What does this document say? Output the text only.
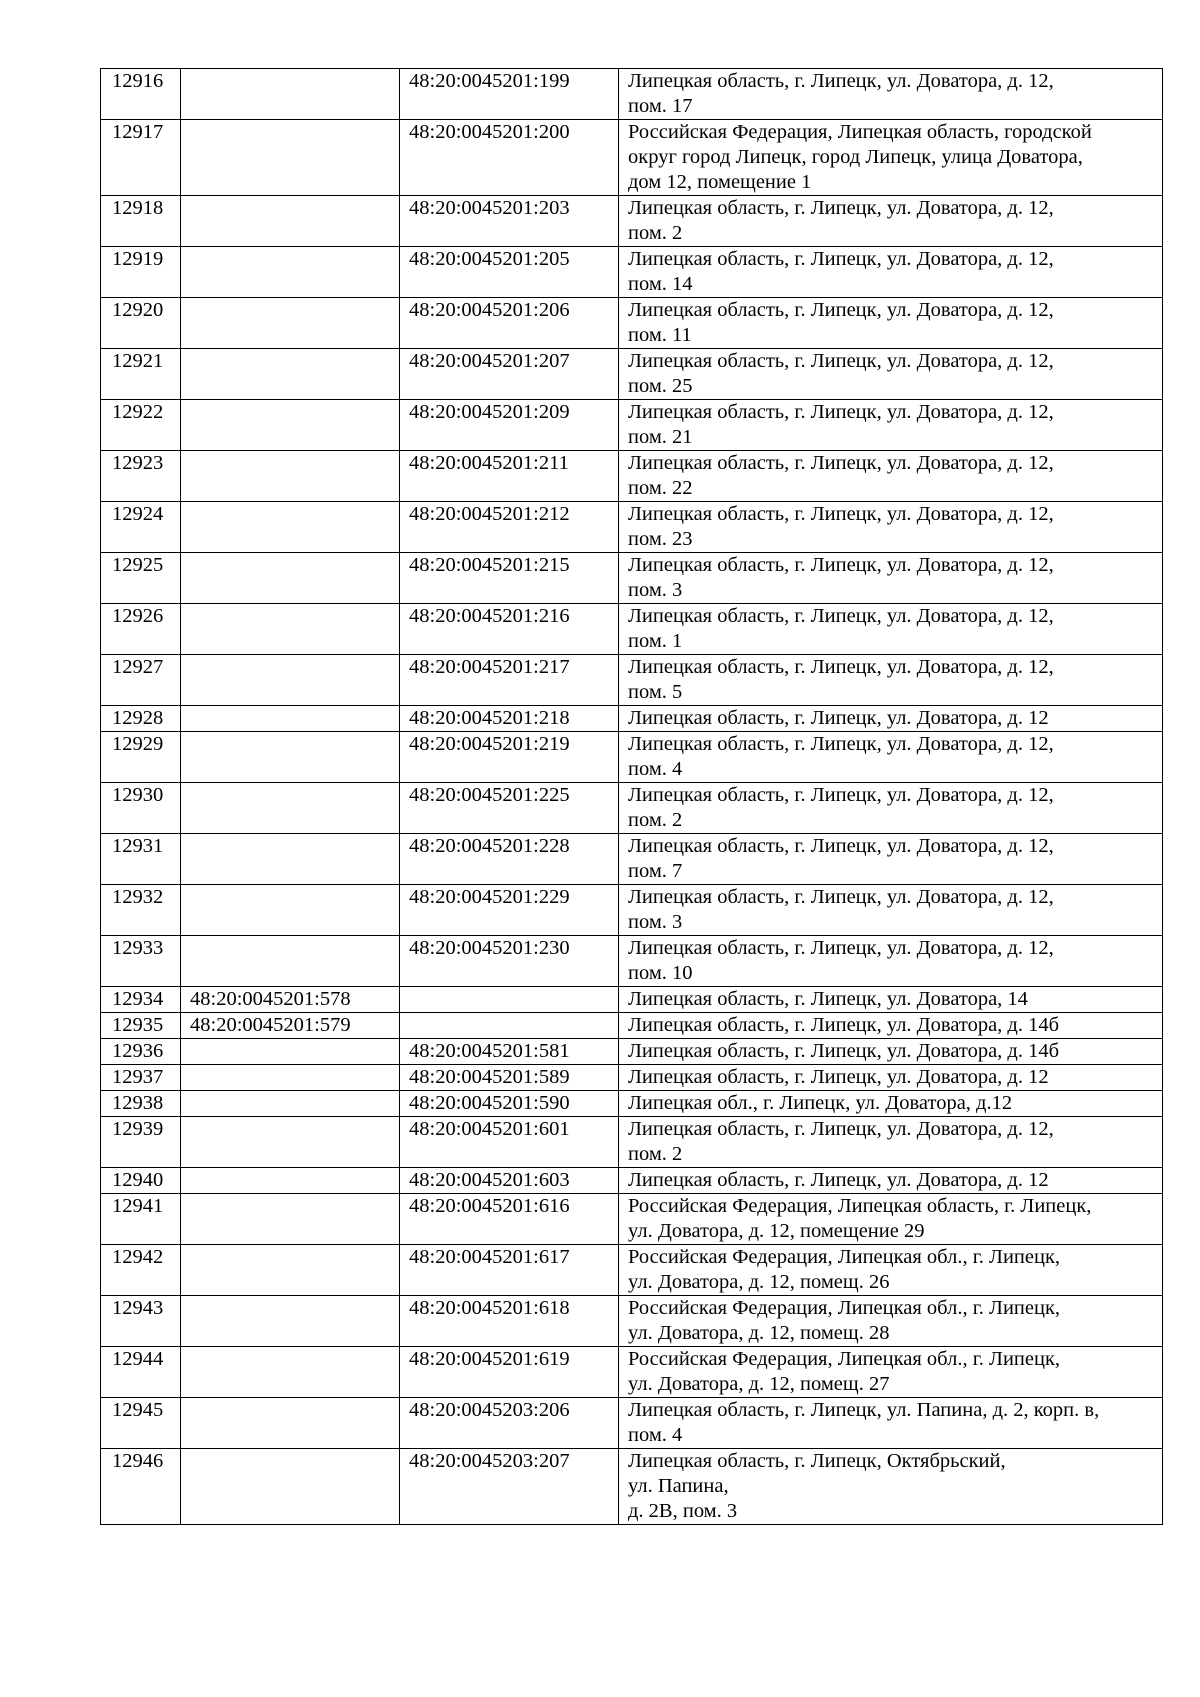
12916		48:20:0045201:199	Липецкая область, г. Липецк, ул. Доватора, д. 12,
пом. 17
12917		48:20:0045201:200	Российская Федерация, Липецкая область, городской
округ город Липецк, город Липецк, улица Доватора,
дом 12, помещение 1
12918		48:20:0045201:203	Липецкая область, г. Липецк, ул. Доватора, д. 12,
пом. 2
12919		48:20:0045201:205	Липецкая область, г. Липецк, ул. Доватора, д. 12,
пом. 14
12920		48:20:0045201:206	Липецкая область, г. Липецк, ул. Доватора, д. 12,
пом. 11
12921		48:20:0045201:207	Липецкая область, г. Липецк, ул. Доватора, д. 12,
пом. 25
12922		48:20:0045201:209	Липецкая область, г. Липецк, ул. Доватора, д. 12,
пом. 21
12923		48:20:0045201:211	Липецкая область, г. Липецк, ул. Доватора, д. 12,
пом. 22
12924		48:20:0045201:212	Липецкая область, г. Липецк, ул. Доватора, д. 12,
пом. 23
12925		48:20:0045201:215	Липецкая область, г. Липецк, ул. Доватора, д. 12,
пом. 3
12926		48:20:0045201:216	Липецкая область, г. Липецк, ул. Доватора, д. 12,
пом. 1
12927		48:20:0045201:217	Липецкая область, г. Липецк, ул. Доватора, д. 12,
пом. 5
12928		48:20:0045201:218	Липецкая область, г. Липецк, ул. Доватора, д. 12
12929		48:20:0045201:219	Липецкая область, г. Липецк, ул. Доватора, д. 12,
пом. 4
12930		48:20:0045201:225	Липецкая область, г. Липецк, ул. Доватора, д. 12,
пом. 2
12931		48:20:0045201:228	Липецкая область, г. Липецк, ул. Доватора, д. 12,
пом. 7
12932		48:20:0045201:229	Липецкая область, г. Липецк, ул. Доватора, д. 12,
пом. 3
12933		48:20:0045201:230	Липецкая область, г. Липецк, ул. Доватора, д. 12,
пом. 10
12934	48:20:0045201:578		Липецкая область, г. Липецк, ул. Доватора, 14
12935	48:20:0045201:579		Липецкая область, г. Липецк, ул. Доватора, д. 14б
12936		48:20:0045201:581	Липецкая область, г. Липецк, ул. Доватора, д. 14б
12937		48:20:0045201:589	Липецкая область, г. Липецк, ул. Доватора, д. 12
12938		48:20:0045201:590	Липецкая обл., г. Липецк, ул. Доватора, д.12
12939		48:20:0045201:601	Липецкая область, г. Липецк, ул. Доватора, д. 12,
пом. 2
12940		48:20:0045201:603	Липецкая область, г. Липецк, ул. Доватора, д. 12
12941		48:20:0045201:616	Российская Федерация, Липецкая область, г. Липецк,
ул. Доватора, д. 12, помещение 29
12942		48:20:0045201:617	Российская Федерация, Липецкая обл., г. Липецк,
ул. Доватора, д. 12, помещ. 26
12943		48:20:0045201:618	Российская Федерация, Липецкая обл., г. Липецк,
ул. Доватора, д. 12, помещ. 28
12944		48:20:0045201:619	Российская Федерация, Липецкая обл., г. Липецк,
ул. Доватора, д. 12, помещ. 27
12945		48:20:0045203:206	Липецкая область, г. Липецк, ул. Папина, д. 2, корп. в,
пом. 4
12946		48:20:0045203:207	Липецкая область, г. Липецк, Октябрьский,
ул. Папина,
д. 2В, пом. 3
